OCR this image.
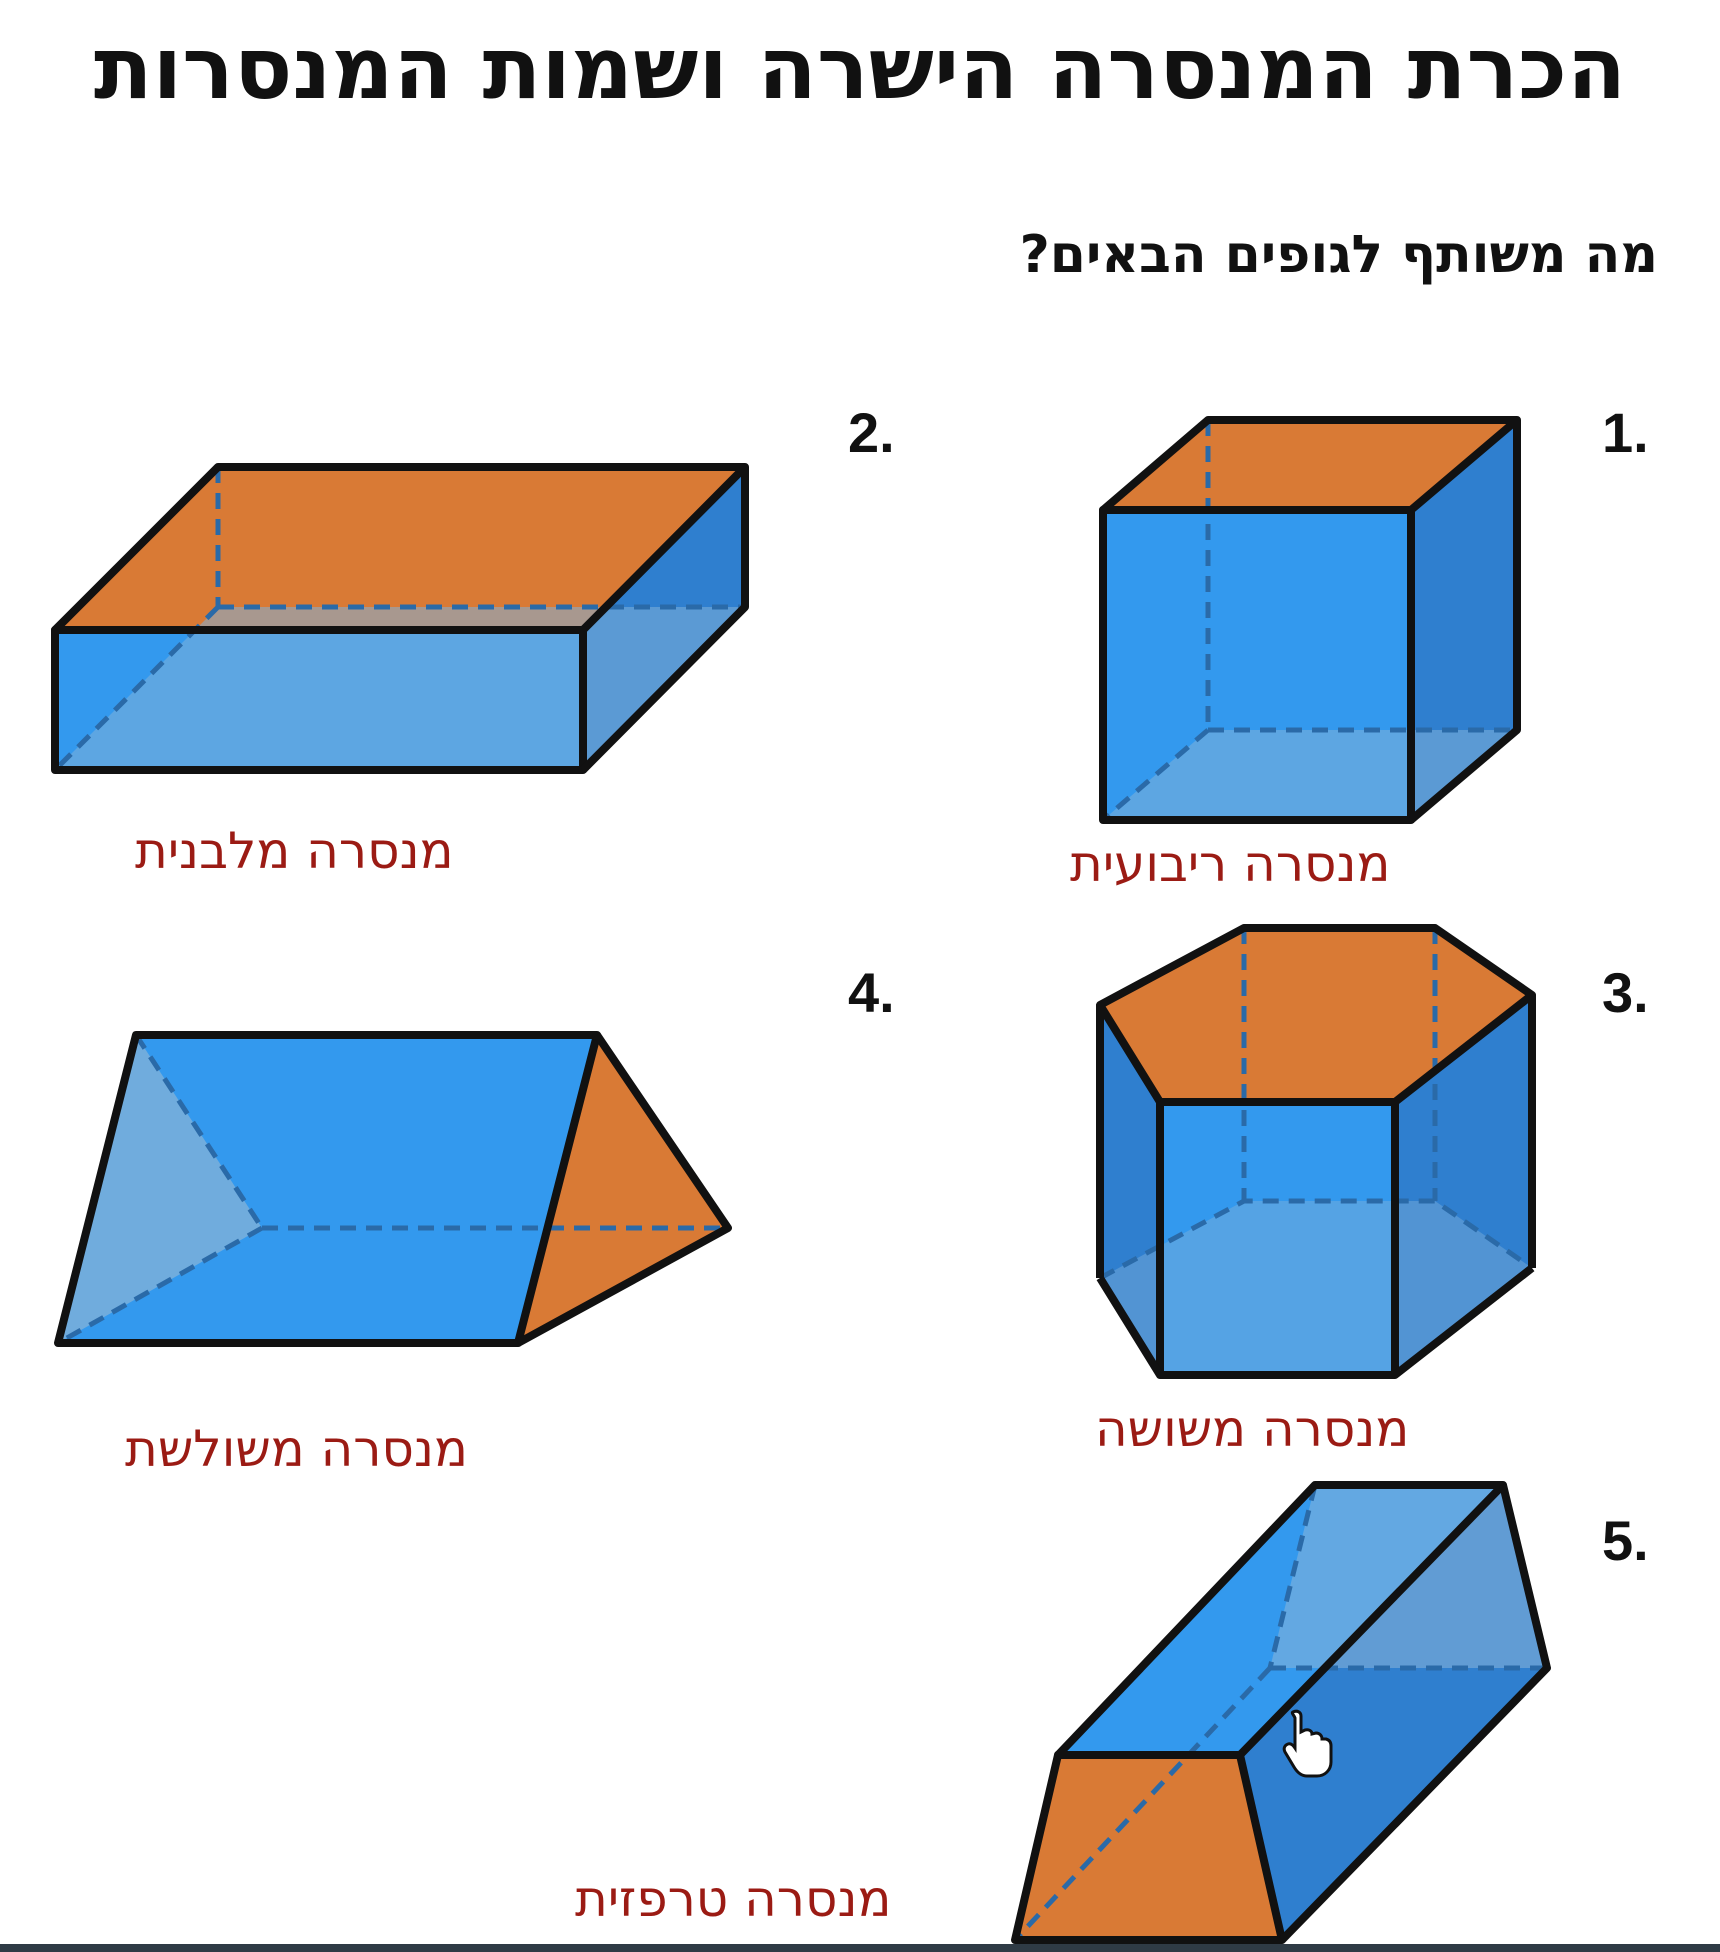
הכרת המנסרה הישרה ושמות המנסרות
מה משותף לגופים הבאים?
1.
מנסרה ריבועית
2.
מנסרה מלבנית
3.
מנסרה משושה
4.
מנסרה משולשת
5.
מנסרה טרפזית
